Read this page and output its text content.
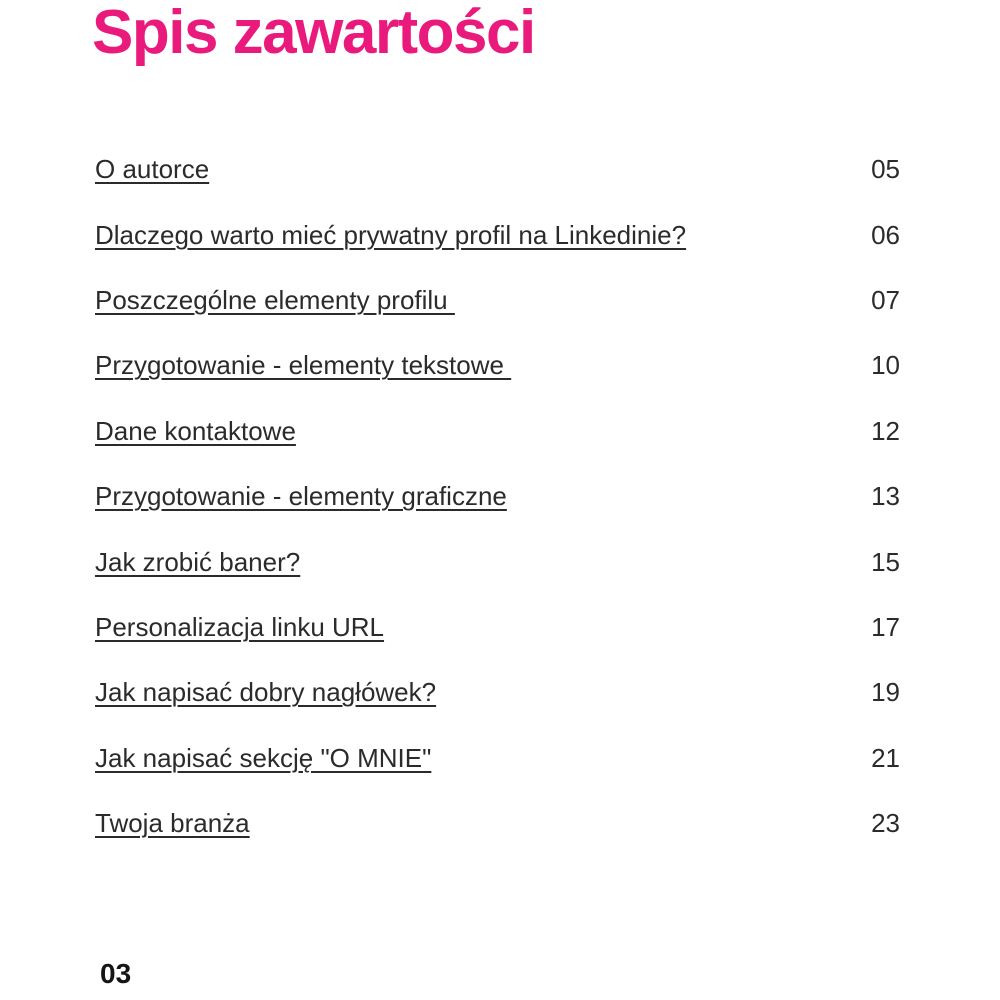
Spis zawartości
O autorce	05
Dlaczego warto mieć prywatny profil na Linkedinie?	06
Poszczególne elementy profilu	07
Przygotowanie - elementy tekstowe	10
Dane kontaktowe	12
Przygotowanie - elementy graficzne	13
Jak zrobić baner?	15
Personalizacja linku URL	17
Jak napisać dobry nagłówek?	19
Jak napisać sekcję "O MNIE"	21
Twoja branża	23
03
